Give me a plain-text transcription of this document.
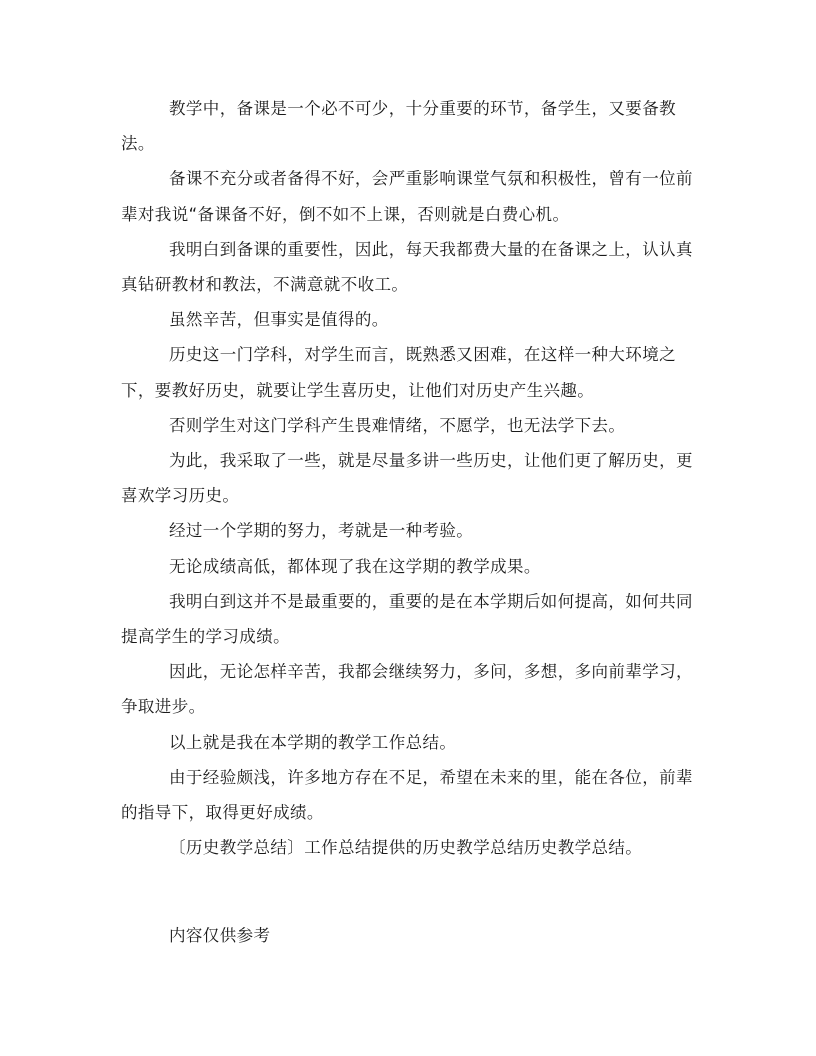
教学中，备课是一个必不可少，十分重要的环节，备学生，又要备教法。

备课不充分或者备得不好，会严重影响课堂气氛和积极性，曾有一位前辈对我说“备课备不好，倒不如不上课，否则就是白费心机。

我明白到备课的重要性，因此，每天我都费大量的在备课之上，认认真真钻研教材和教法，不满意就不收工。

虽然辛苦，但事实是值得的。

历史这一门学科，对学生而言，既熟悉又困难，在这样一种大环境之下，要教好历史，就要让学生喜历史，让他们对历史产生兴趣。

否则学生对这门学科产生畏难情绪，不愿学，也无法学下去。

为此，我采取了一些，就是尽量多讲一些历史，让他们更了解历史，更喜欢学习历史。

经过一个学期的努力，考就是一种考验。

无论成绩高低，都体现了我在这学期的教学成果。

我明白到这并不是最重要的，重要的是在本学期后如何提高，如何共同提高学生的学习成绩。

因此，无论怎样辛苦，我都会继续努力，多问，多想，多向前辈学习，争取进步。

以上就是我在本学期的教学工作总结。

由于经验颇浅，许多地方存在不足，希望在未来的里，能在各位，前辈的指导下，取得更好成绩。

〔历史教学总结〕工作总结提供的历史教学总结历史教学总结。

内容仅供参考
